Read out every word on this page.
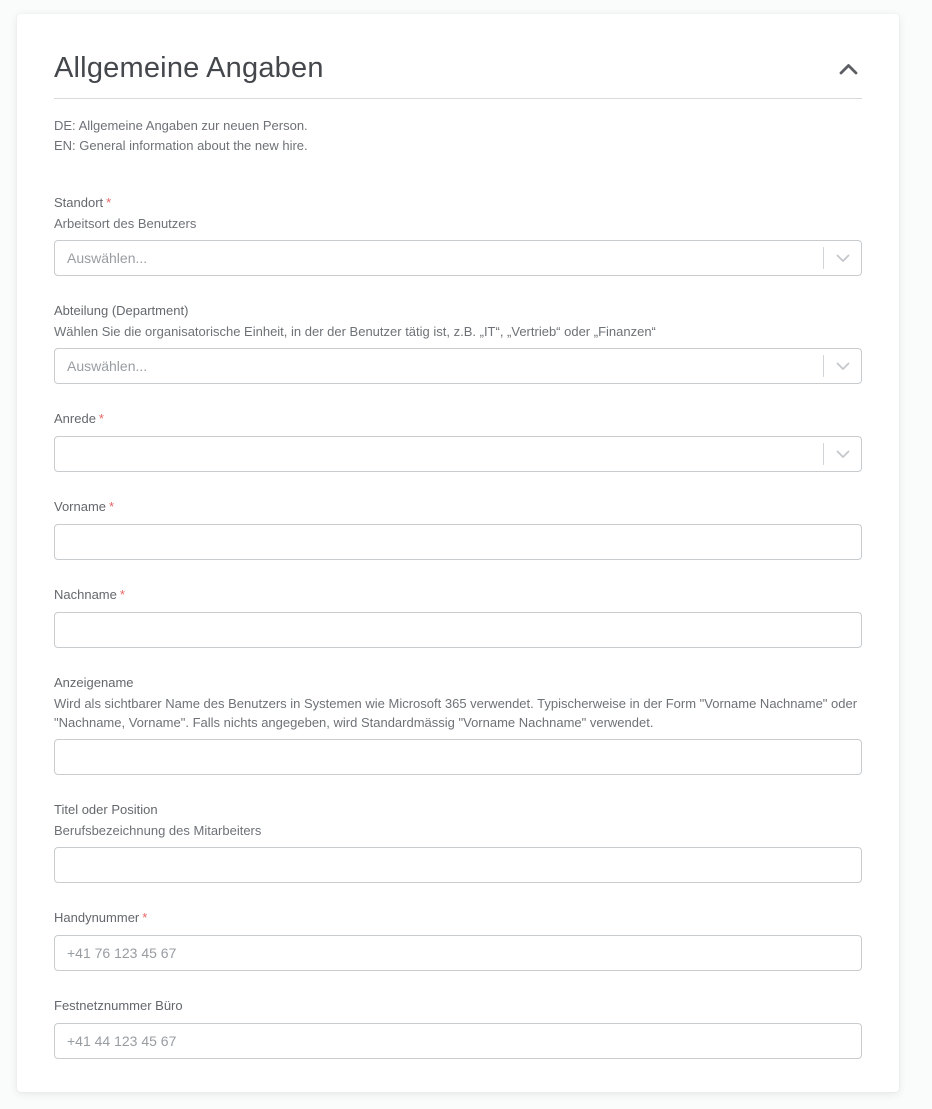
Allgemeine Angaben
DE: Allgemeine Angaben zur neuen Person.
EN: General information about the new hire.
Standort *
Arbeitsort des Benutzers
Auswählen...
Abteilung (Department)
Wählen Sie die organisatorische Einheit, in der der Benutzer tätig ist, z.B. „IT“, „Vertrieb“ oder „Finanzen“
Auswählen...
Anrede *
Vorname *
Nachname *
Anzeigename
Wird als sichtbarer Name des Benutzers in Systemen wie Microsoft 365 verwendet. Typischerweise in der Form "Vorname Nachname" oder "Nachname, Vorname". Falls nichts angegeben, wird Standardmässig "Vorname Nachname" verwendet.
Titel oder Position
Berufsbezeichnung des Mitarbeiters
Handynummer *
+41 76 123 45 67
Festnetznummer Büro
+41 44 123 45 67
